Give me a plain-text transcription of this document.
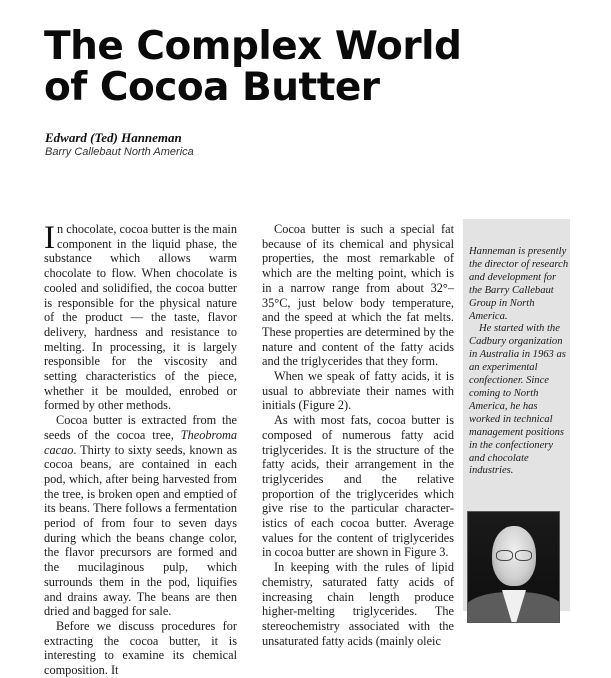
The Complex World
of Cocoa Butter
Edward (Ted) Hanneman
Barry Callebaut North America

In chocolate, cocoa butter is the main component in the liquid phase, the substance which allows warm chocolate to flow. When chocolate is cooled and solidified, the cocoa butter is responsible for the physical nature of the product — the taste, flavor delivery, hardness and resistance to melting. In processing, it is largely responsible for the viscosity and setting characteristics of the piece, whether it be moulded, enrobed or formed by other methods.

Cocoa butter is extracted from the seeds of the cocoa tree, Theobroma cacao. Thirty to sixty seeds, known as cocoa beans, are contained in each pod, which, after being harvested from the tree, is broken open and emptied of its beans. There follows a fermentation period of from four to seven days during which the beans change color, the flavor precursors are formed and the mucilaginous pulp, which surrounds them in the pod, liquifies and drains away. The beans are then dried and bagged for sale.

Before we discuss procedures for extracting the cocoa butter, it is interesting to examine its chemical composition. It

Cocoa butter is such a special fat because of its chemical and physical properties, the most remarkable of which are the melting point, which is in a narrow range from about 32°–35°C, just below body temperature, and the speed at which the fat melts. These properties are determined by the nature and content of the fatty acids and the triglycerides that they form.

When we speak of fatty acids, it is usual to abbreviate their names with initials (Figure 2).

As with most fats, cocoa butter is composed of numerous fatty acid triglycerides. It is the structure of the fatty acids, their arrangement in the triglycerides and the relative proportion of the triglycerides which give rise to the particular characteristics of each cocoa butter. Average values for the content of triglycerides in cocoa butter are shown in Figure 3.

In keeping with the rules of lipid chemistry, saturated fatty acids of increasing chain length produce higher-melting triglycerides. The stereochemistry associated with the unsaturated fatty acids (mainly oleic

Hanneman is presently the director of research and development for the Barry Callebaut Group in North America.

He started with the Cadbury organization in Australia in 1963 as an experimental confectioner. Since coming to North America, he has worked in technical management positions in the confectionery and chocolate industries.
